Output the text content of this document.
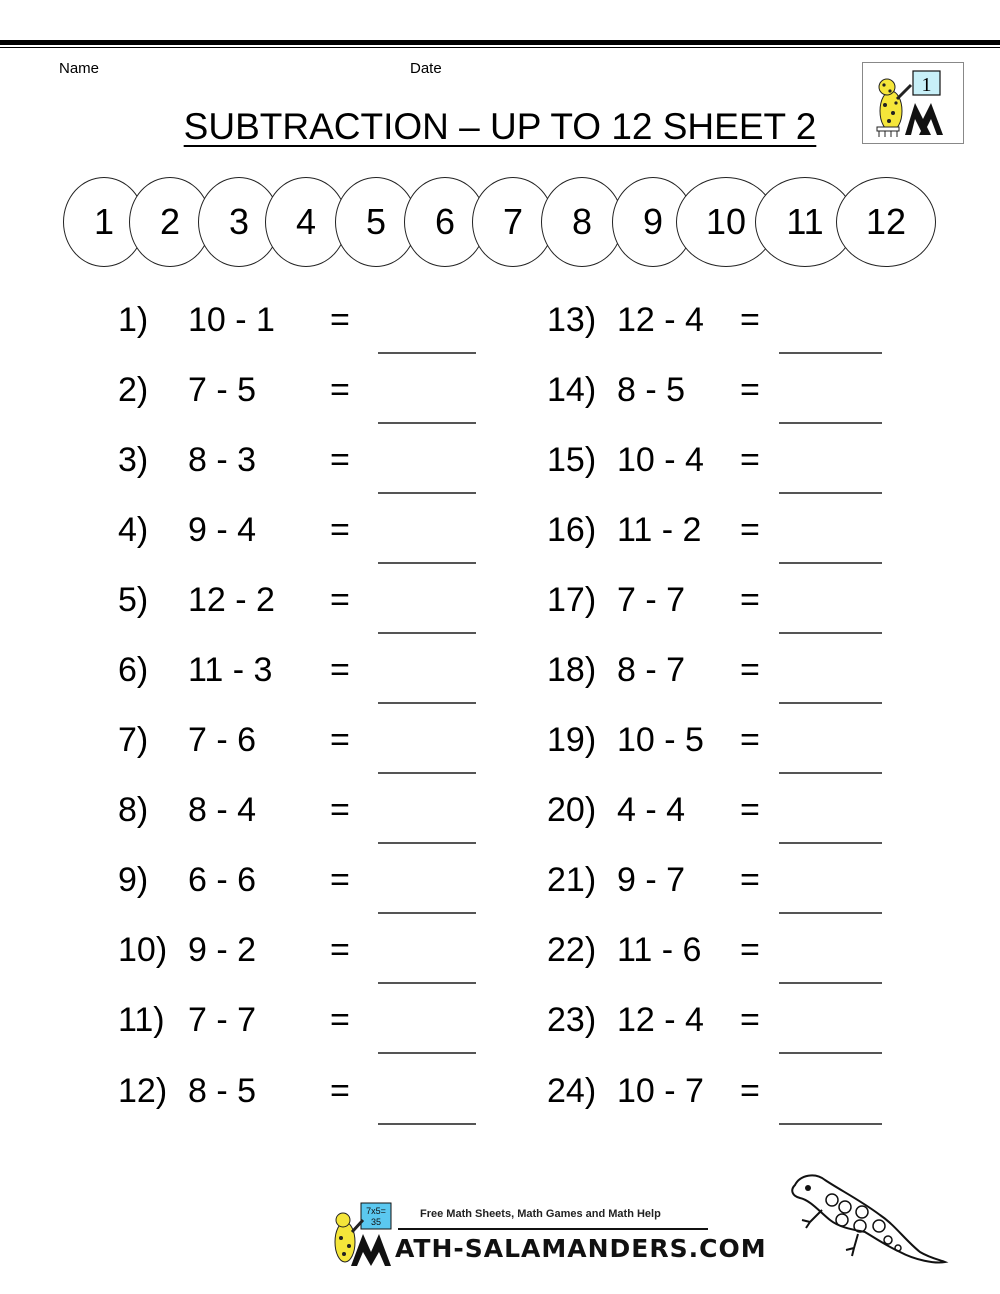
Name	Date
SUBTRACTION – UP TO 12 SHEET 2
1
1	2	3	4	5	6	7	8	9	10	11	12
1) 10 - 1 =
2) 7 - 5 =
3) 8 - 3 =
4) 9 - 4 =
5) 12 - 2 =
6) 11 - 3 =
7) 7 - 6 =
8) 8 - 4 =
9) 6 - 6 =
10) 9 - 2 =
11) 7 - 7 =
12) 8 - 5 =
13) 12 - 4 =
14) 8 - 5 =
15) 10 - 4 =
16) 11 - 2 =
17) 7 - 7 =
18) 8 - 7 =
19) 10 - 5 =
20) 4 - 4 =
21) 9 - 7 =
22) 11 - 6 =
23) 12 - 4 =
24) 10 - 7 =
7x5=
35
Free Math Sheets, Math Games and Math Help
ATH-SALAMANDERS.COM
